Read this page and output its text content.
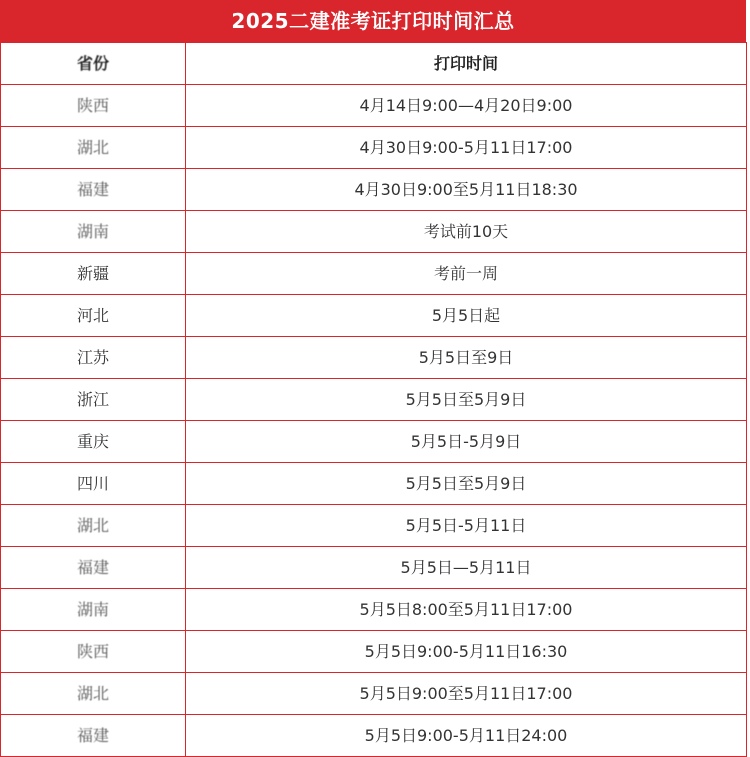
2025二建准考证打印时间汇总
省份	打印时间
陕西	4月14日9:00—4月20日9:00
湖北	4月30日9:00-5月11日17:00
福建	4月30日9:00至5月11日18:30
湖南	考试前10天
新疆	考前一周
河北	5月5日起
江苏	5月5日至9日
浙江	5月5日至5月9日
重庆	5月5日-5月9日
四川	5月5日至5月9日
湖北	5月5日-5月11日
福建	5月5日—5月11日
湖南	5月5日8:00至5月11日17:00
陕西	5月5日9:00-5月11日16:30
湖北	5月5日9:00至5月11日17:00
福建	5月5日9:00-5月11日24:00
